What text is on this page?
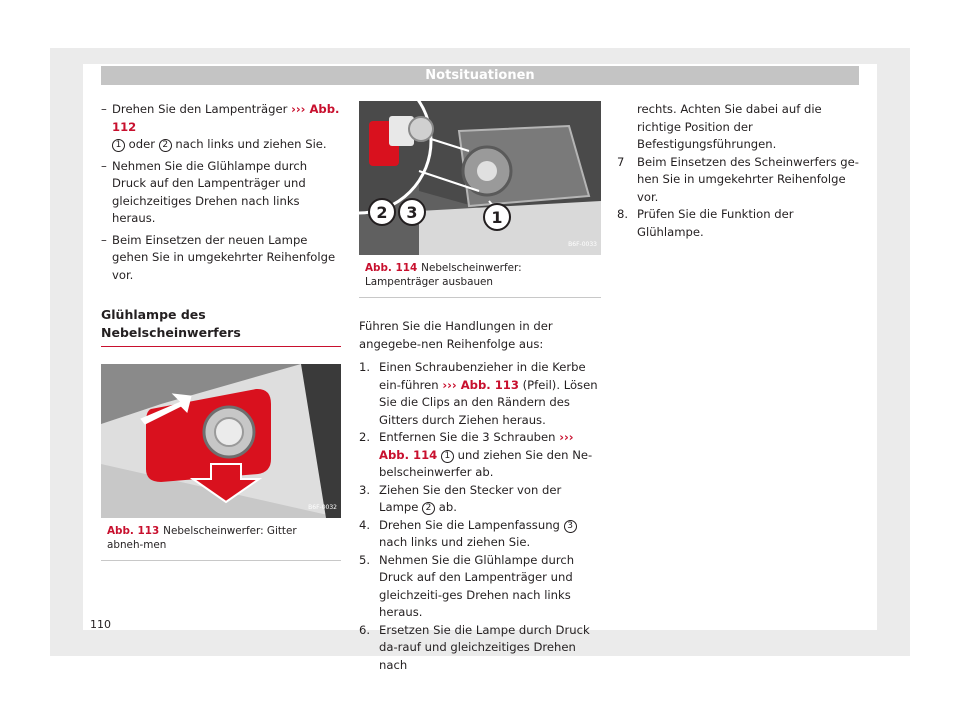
Notsituationen
– Drehen Sie den Lampenträger ››› Abb. 112
1 oder 2 nach links und ziehen Sie.
– Nehmen Sie die Glühlampe durch Druck auf den Lampenträger und gleichzeitiges Drehen nach links heraus.
– Beim Einsetzen der neuen Lampe gehen Sie in umgekehrter Reihenfolge vor.
Glühlampe des Nebelscheinwerfers
B6F-0032
Abb. 113 Nebelscheinwerfer: Gitter abneh-men
2 3	1
B6F-0033
Abb. 114 Nebelscheinwerfer: Lampenträger ausbauen
Führen Sie die Handlungen in der angegebe-nen Reihenfolge aus:
1. Einen Schraubenzieher in die Kerbe ein-führen ››› Abb. 113 (Pfeil). Lösen Sie die Clips an den Rändern des Gitters durch Ziehen heraus.
2. Entfernen Sie die 3 Schrauben ››› Abb. 114 1 und ziehen Sie den Ne-belscheinwerfer ab.
3. Ziehen Sie den Stecker von der Lampe 2 ab.
4. Drehen Sie die Lampenfassung 3 nach links und ziehen Sie.
5. Nehmen Sie die Glühlampe durch Druck auf den Lampenträger und gleichzeiti-ges Drehen nach links heraus.
6. Ersetzen Sie die Lampe durch Druck da-rauf und gleichzeitiges Drehen nach
rechts. Achten Sie dabei auf die richtige Position der Befestigungsführungen.
7 Beim Einsetzen des Scheinwerfers ge-hen Sie in umgekehrter Reihenfolge vor.
8. Prüfen Sie die Funktion der Glühlampe.
110
